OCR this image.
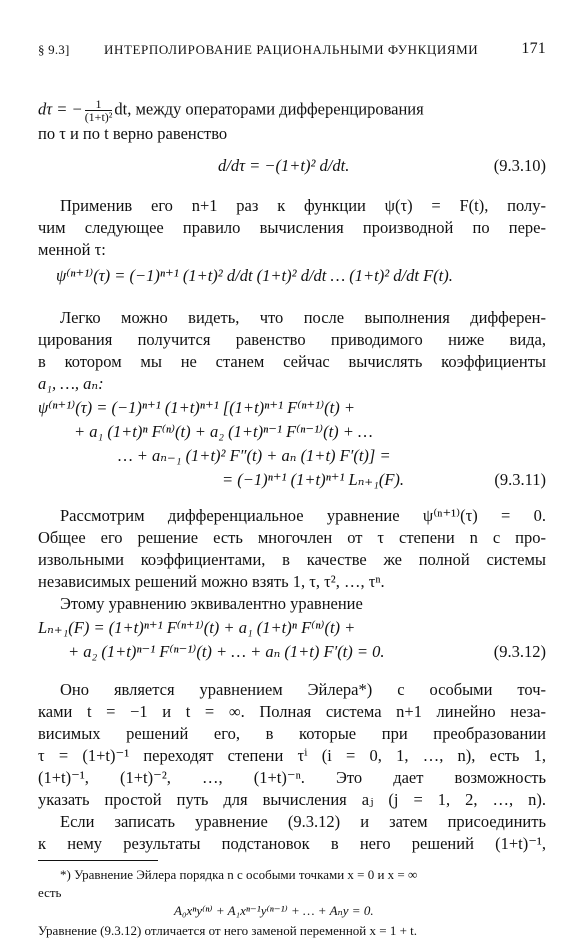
§ 9.3]	ИНТЕРПОЛИРОВАНИЕ РАЦИОНАЛЬНЫМИ ФУНКЦИЯМИ	171
dτ = − $\frac{1}{\text{(1+t)²}}$ dt, между операторами дифференцирования
по τ и по t верно равенство
d/dτ = −(1+t)² d/dt.	(9.3.10)
Применив его n+1 раз к функции ψ(τ) = F(t), полу-
чим следующее правило вычисления производной по пере-
менной τ:
ψ⁽ⁿ⁺¹⁾(τ) = (−1)ⁿ⁺¹ (1+t)² d/dt (1+t)² d/dt … (1+t)² d/dt F(t).
Легко можно видеть, что после выполнения дифферен-
цирования получится равенство приводимого ниже вида,
в котором мы не станем сейчас вычислять коэффициенты
a₁, …, aₙ:
ψ⁽ⁿ⁺¹⁾(τ) = (−1)ⁿ⁺¹ (1+t)ⁿ⁺¹ [(1+t)ⁿ⁺¹ F⁽ⁿ⁺¹⁾(t) +
+ a₁ (1+t)ⁿ F⁽ⁿ⁾(t) + a₂ (1+t)ⁿ⁻¹ F⁽ⁿ⁻¹⁾(t) + …
… + aₙ₋₁ (1+t)² F″(t) + aₙ (1+t) F′(t)] =
= (−1)ⁿ⁺¹ (1+t)ⁿ⁺¹ Lₙ₊₁(F).	(9.3.11)
Рассмотрим дифференциальное уравнение ψ⁽ⁿ⁺¹⁾(τ) = 0.
Общее его решение есть многочлен от τ степени n с про-
извольными коэффициентами, в качестве же полной системы
независимых решений можно взять 1, τ, τ², …, τⁿ.
Этому уравнению эквивалентно уравнение
Lₙ₊₁(F) = (1+t)ⁿ⁺¹ F⁽ⁿ⁺¹⁾(t) + a₁ (1+t)ⁿ F⁽ⁿ⁾(t) +
+ a₂ (1+t)ⁿ⁻¹ F⁽ⁿ⁻¹⁾(t) + … + aₙ (1+t) F′(t) = 0.	(9.3.12)
Оно является уравнением Эйлера*) с особыми точ-
ками t = −1 и t = ∞. Полная система n+1 линейно неза-
висимых решений его, в которые при преобразовании
τ = (1+t)⁻¹ переходят степени τⁱ (i = 0, 1, …, n), есть 1,
(1+t)⁻¹, (1+t)⁻², …, (1+t)⁻ⁿ. Это дает возможность
указать простой путь для вычисления aⱼ (j = 1, 2, …, n).
Если записать уравнение (9.3.12) и затем присоединить
к нему результаты подстановок в него решений (1+t)⁻¹,
*) Уравнение Эйлера порядка n с особыми точками x = 0 и x = ∞
есть
A₀xⁿy⁽ⁿ⁾ + A₁xⁿ⁻¹y⁽ⁿ⁻¹⁾ + … + Aₙy = 0.
Уравнение (9.3.12) отличается от него заменой переменной x = 1 + t.
